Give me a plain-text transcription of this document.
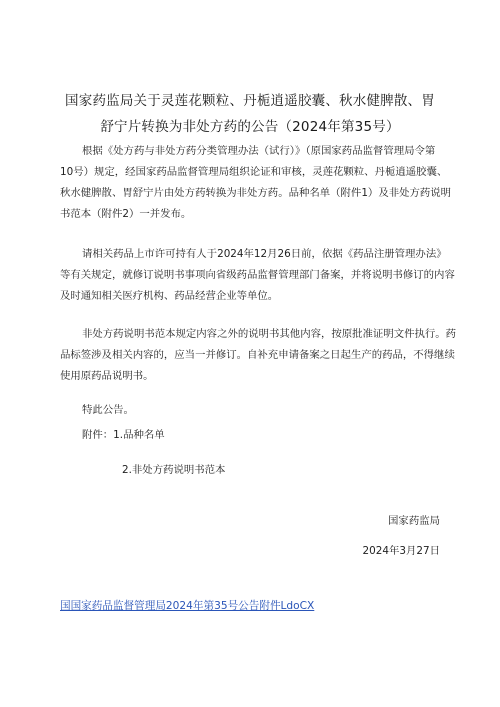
国家药监局关于灵莲花颗粒、丹栀逍遥胶囊、秋水健脾散、胃
舒宁片转换为非处方药的公告（2024年第35号）
根据《处方药与非处方药分类管理办法（试行）》（原国家药品监督管理局令第
10号）规定，经国家药品监督管理局组织论证和审核，灵莲花颗粒、丹栀逍遥胶囊、
秋水健脾散、胃舒宁片由处方药转换为非处方药。品种名单（附件1）及非处方药说明
书范本（附件2）一并发布。
请相关药品上市许可持有人于2024年12月26日前，依据《药品注册管理办法》
等有关规定，就修订说明书事项向省级药品监督管理部门备案，并将说明书修订的内容
及时通知相关医疗机构、药品经营企业等单位。
非处方药说明书范本规定内容之外的说明书其他内容，按原批准证明文件执行。药
品标签涉及相关内容的，应当一并修订。自补充申请备案之日起生产的药品，不得继续
使用原药品说明书。
特此公告。
附件：1.品种名单
2.非处方药说明书范本
国家药监局
2024年3月27日
国国家药品监督管理局2024年第35号公告附件LdoCX
